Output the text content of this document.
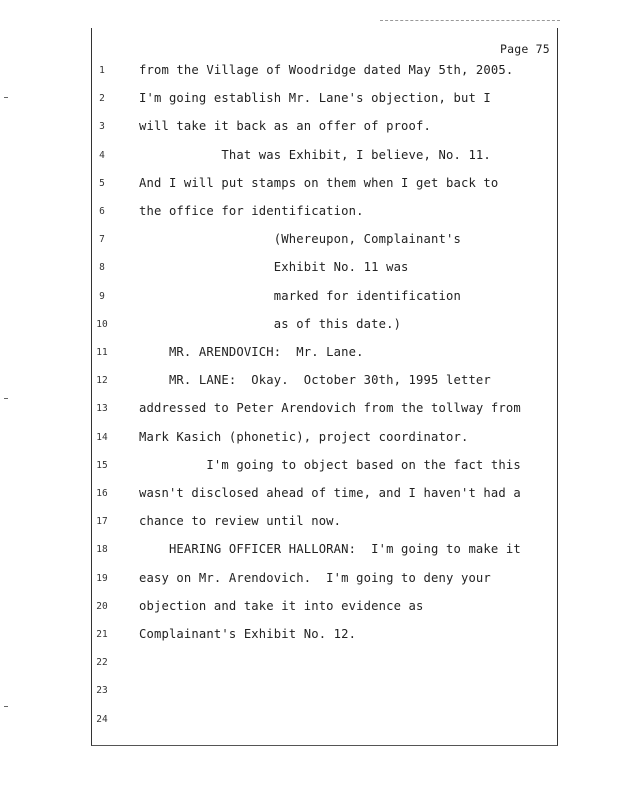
Page 75
1	from the Village of Woodridge dated May 5th, 2005.
2	I'm going establish Mr. Lane's objection, but I
3	will take it back as an offer of proof.
4	That was Exhibit, I believe, No. 11.
5	And I will put stamps on them when I get back to
6	the office for identification.
7	(Whereupon, Complainant's
8	Exhibit No. 11 was
9	marked for identification
10	as of this date.)
11	MR. ARENDOVICH:  Mr. Lane.
12	MR. LANE:  Okay.  October 30th, 1995 letter
13	addressed to Peter Arendovich from the tollway from
14	Mark Kasich (phonetic), project coordinator.
15	I'm going to object based on the fact this
16	wasn't disclosed ahead of time, and I haven't had a
17	chance to review until now.
18	HEARING OFFICER HALLORAN:  I'm going to make it
19	easy on Mr. Arendovich.  I'm going to deny your
20	objection and take it into evidence as
21	Complainant's Exhibit No. 12.
22
23
24
